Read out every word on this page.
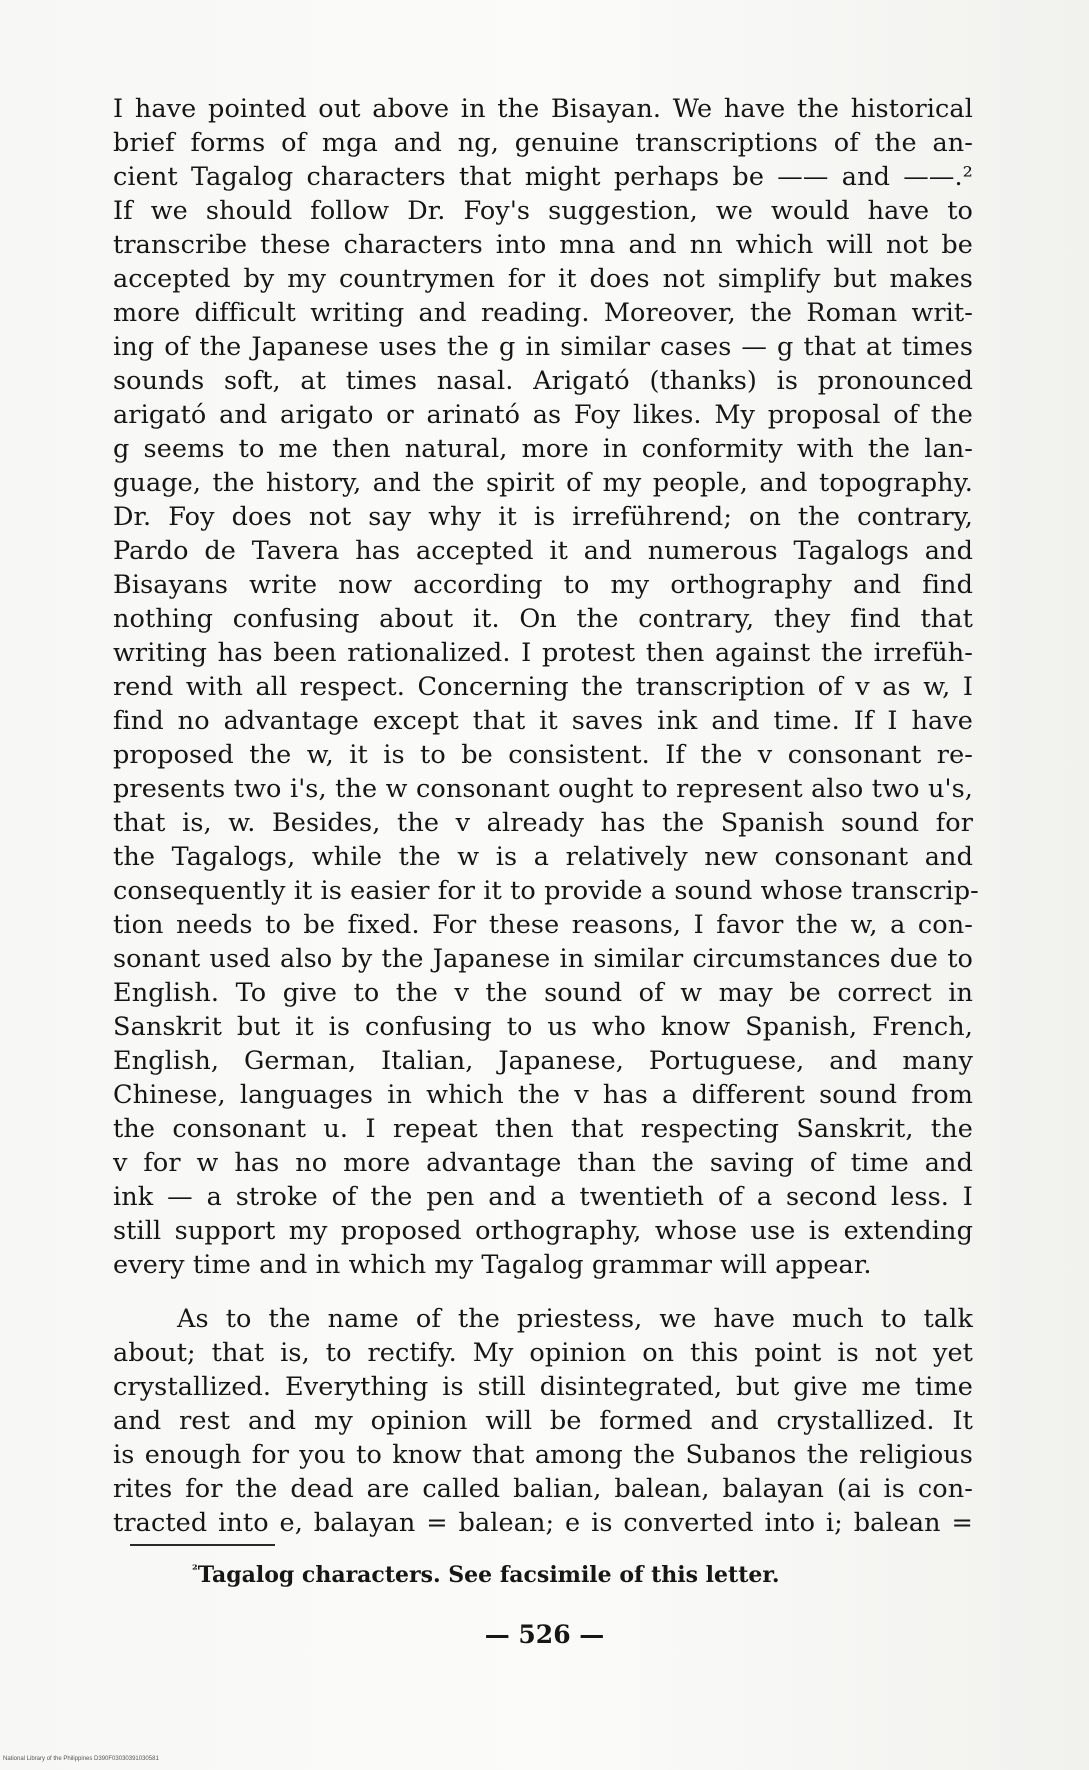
I have pointed out above in the Bisayan. We have the historical
brief forms of mga and ng, genuine transcriptions of the an-
cient Tagalog characters that might perhaps be —— and ——.²
If we should follow Dr. Foy's suggestion, we would have to
transcribe these characters into mna and nn which will not be
accepted by my countrymen for it does not simplify but makes
more difficult writing and reading. Moreover, the Roman writ-
ing of the Japanese uses the g in similar cases — g that at times
sounds soft, at times nasal. Arigató (thanks) is pronounced
arigató and arigato or arinató as Foy likes. My proposal of the
g seems to me then natural, more in conformity with the lan-
guage, the history, and the spirit of my people, and topography.
Dr. Foy does not say why it is irreführend; on the contrary,
Pardo de Tavera has accepted it and numerous Tagalogs and
Bisayans write now according to my orthography and find
nothing confusing about it. On the contrary, they find that
writing has been rationalized. I protest then against the irrefüh-
rend with all respect. Concerning the transcription of v as w, I
find no advantage except that it saves ink and time. If I have
proposed the w, it is to be consistent. If the v consonant re-
presents two i's, the w consonant ought to represent also two u's,
that is, w. Besides, the v already has the Spanish sound for
the Tagalogs, while the w is a relatively new consonant and
consequently it is easier for it to provide a sound whose transcrip-
tion needs to be fixed. For these reasons, I favor the w, a con-
sonant used also by the Japanese in similar circumstances due to
English. To give to the v the sound of w may be correct in
Sanskrit but it is confusing to us who know Spanish, French,
English, German, Italian, Japanese, Portuguese, and many
Chinese, languages in which the v has a different sound from
the consonant u. I repeat then that respecting Sanskrit, the
v for w has no more advantage than the saving of time and
ink — a stroke of the pen and a twentieth of a second less. I
still support my proposed orthography, whose use is extending
every time and in which my Tagalog grammar will appear.
As to the name of the priestess, we have much to talk
about; that is, to rectify. My opinion on this point is not yet
crystallized. Everything is still disintegrated, but give me time
and rest and my opinion will be formed and crystallized. It
is enough for you to know that among the Subanos the religious
rites for the dead are called balian, balean, balayan (ai is con-
tracted into e, balayan = balean; e is converted into i; balean =
$^{^2}$Tagalog characters. See facsimile of this letter.
— 526 —
National Library of the Philippines D390F03030391030581
